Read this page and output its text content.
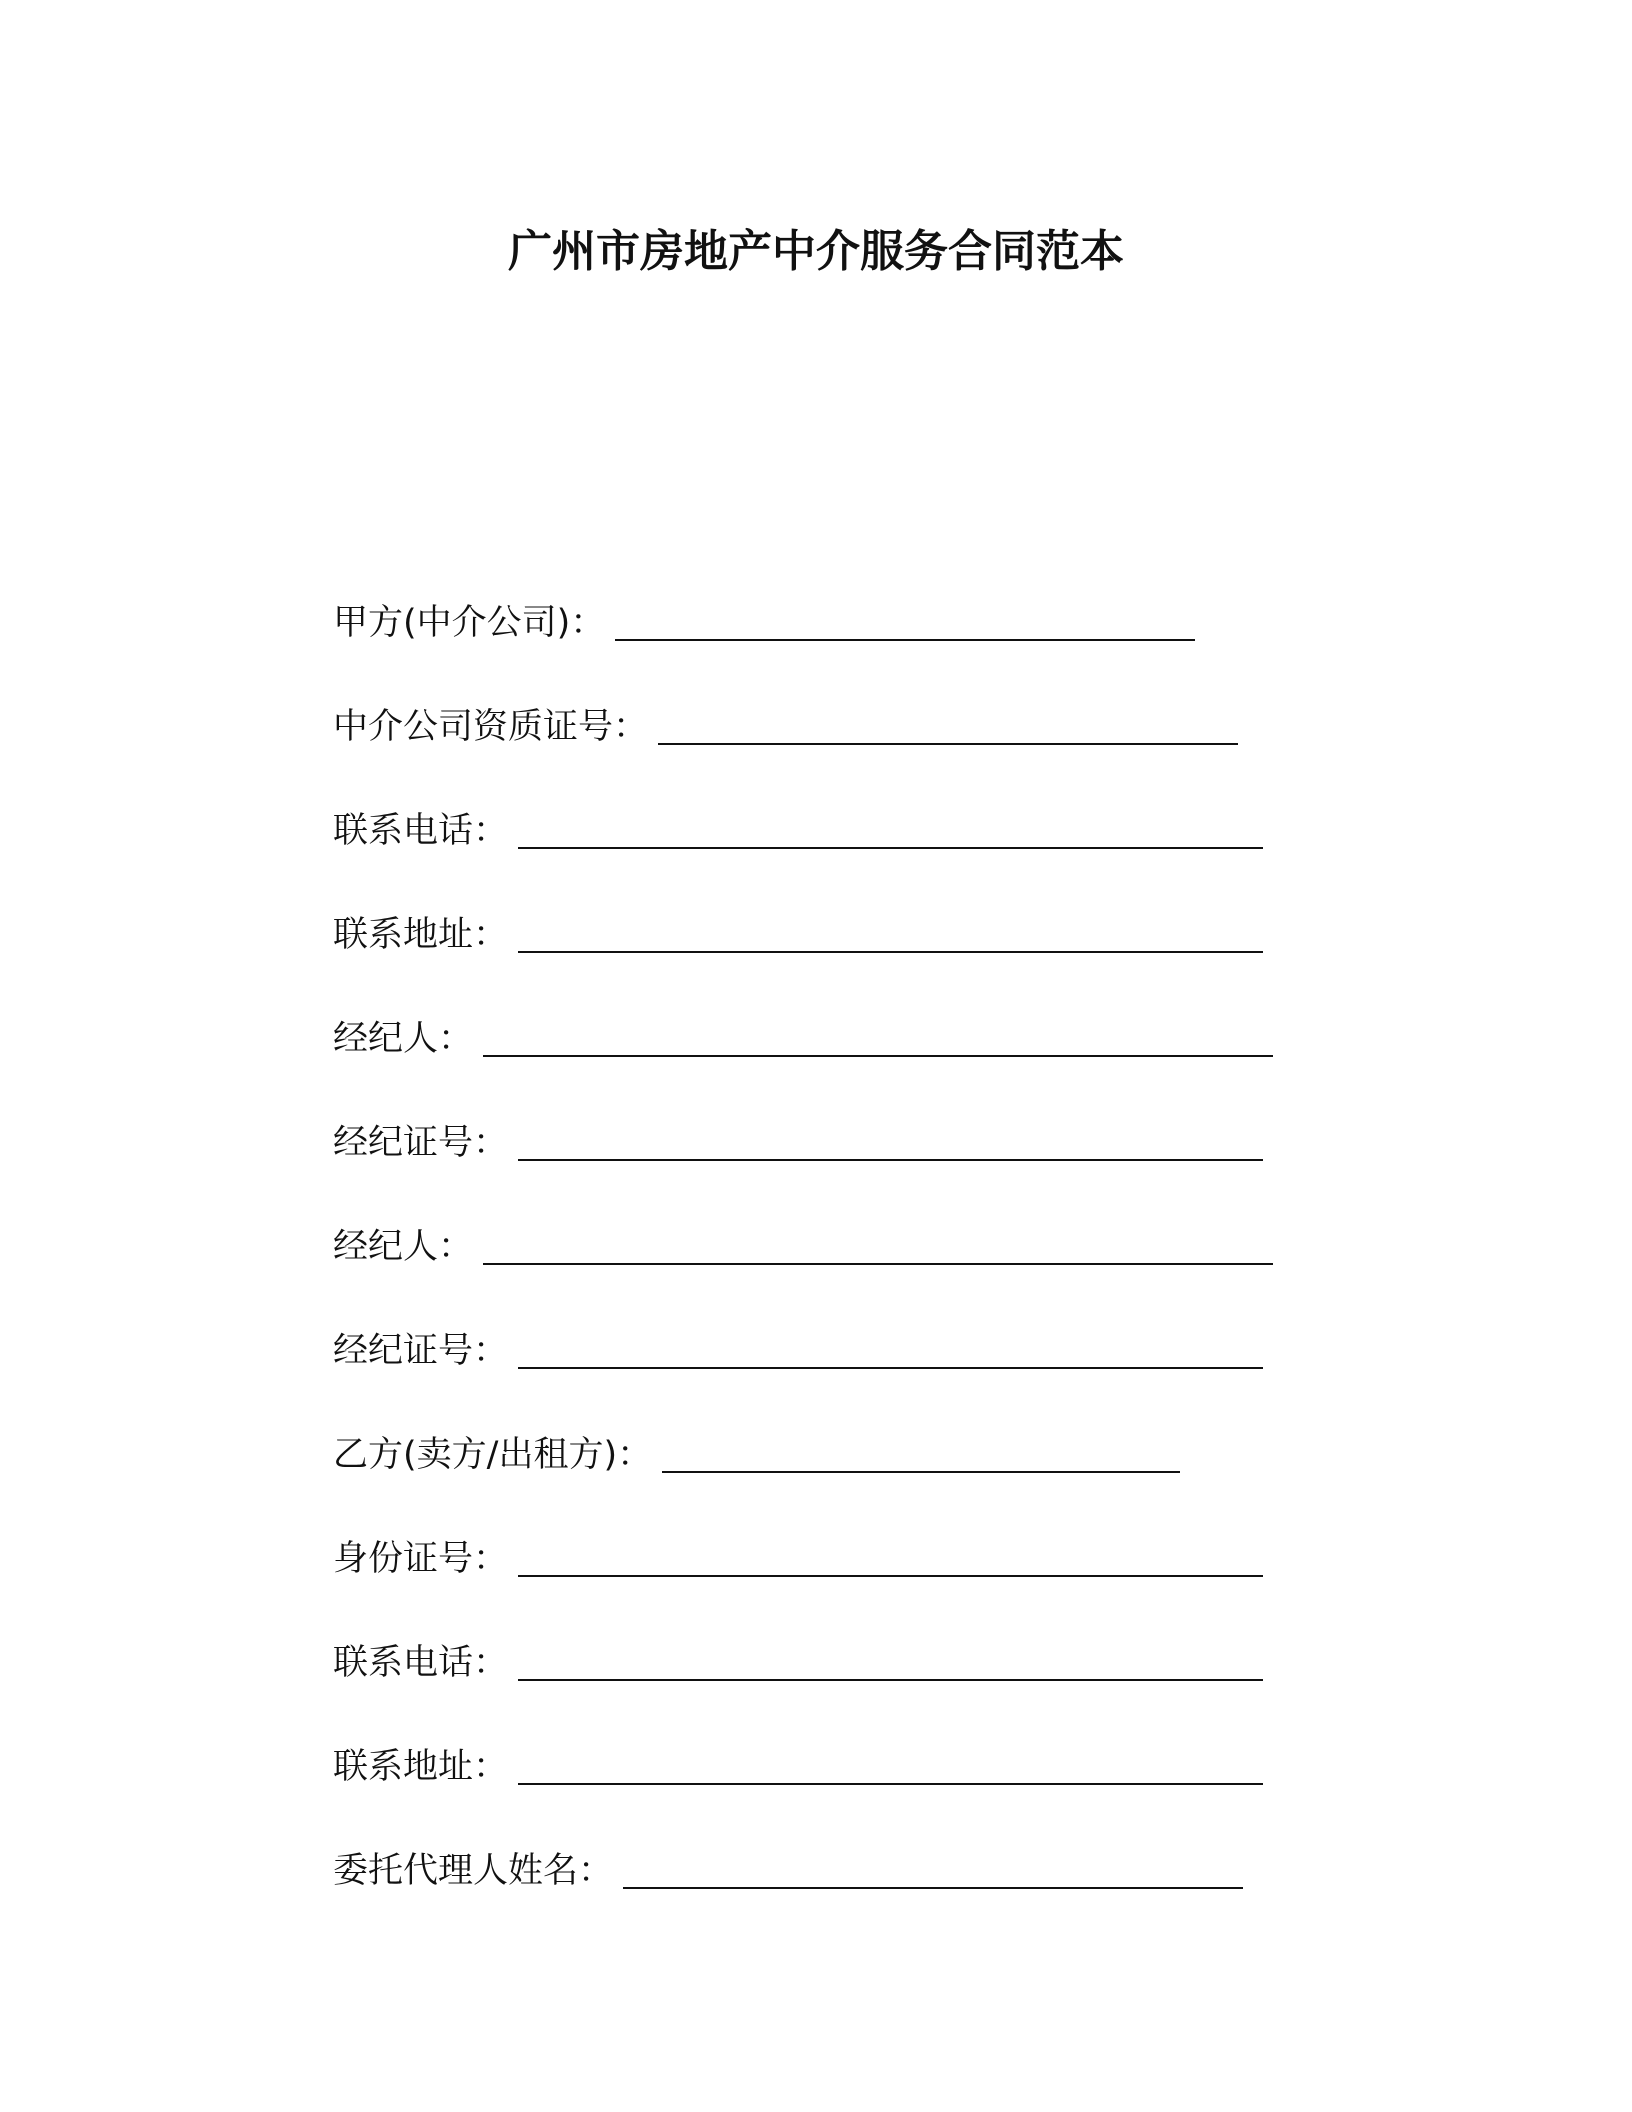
广州市房地产中介服务合同范本
甲方(中介公司)：
中介公司资质证号：
联系电话：
联系地址：
经纪人：
经纪证号：
经纪人：
经纪证号：
乙方(卖方/出租方)：
身份证号：
联系电话：
联系地址：
委托代理人姓名：
